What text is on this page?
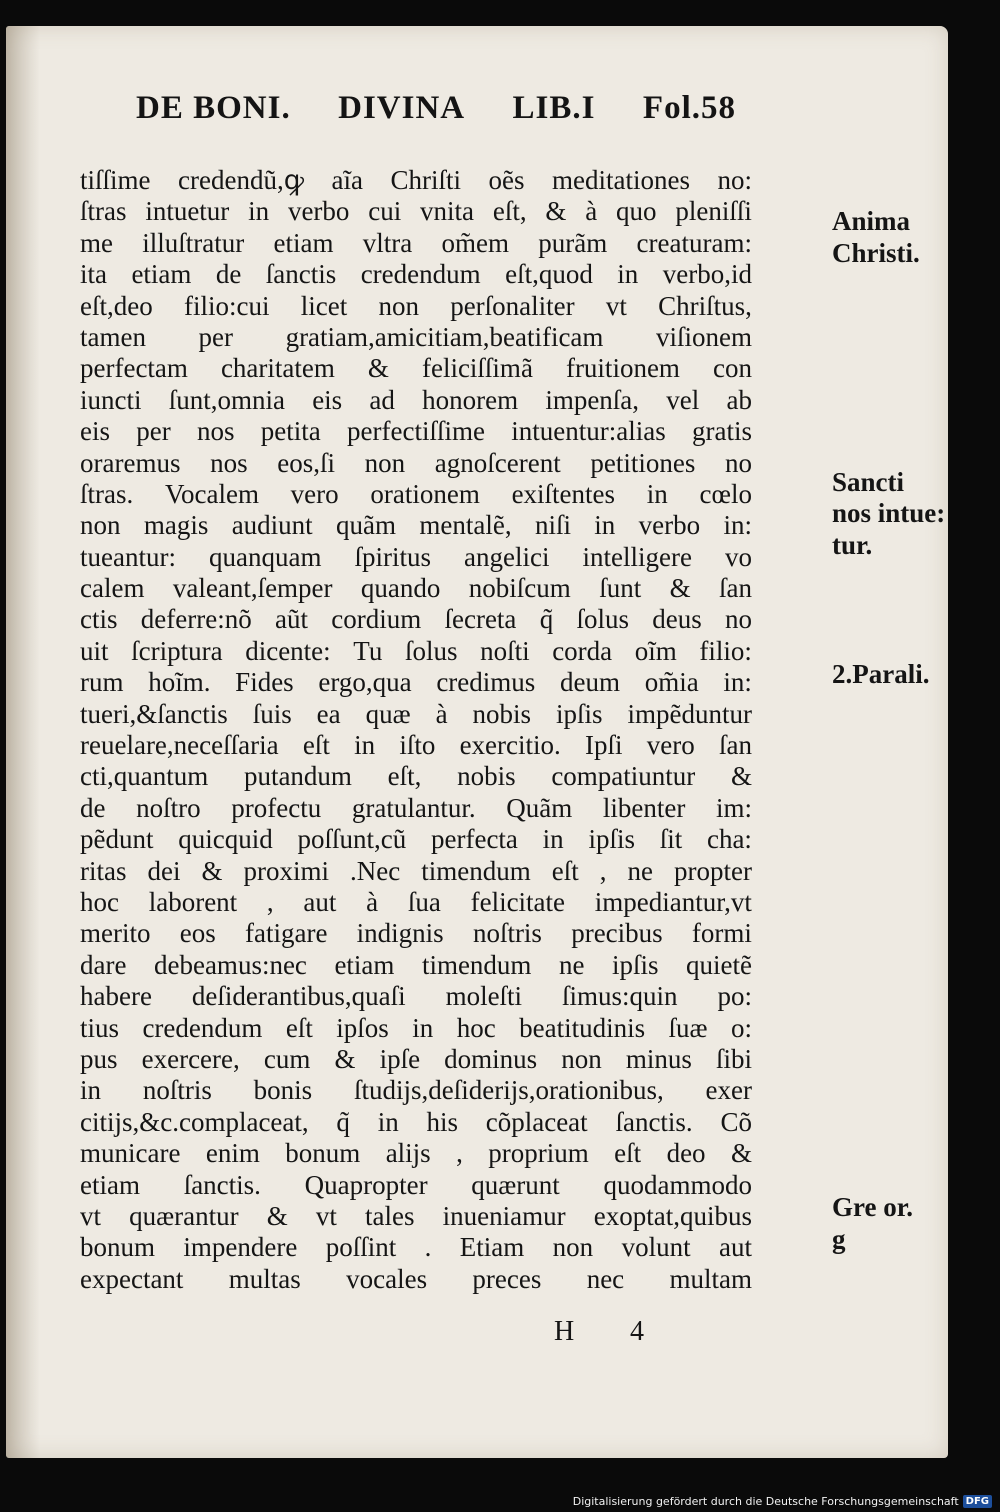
DE BONI. DIVINA LIB.I Fol.58
tiſſime credendũ,ꝙ aĩa Chriſti oẽs meditationes no:
ſtras intuetur in verbo cui vnita eſt, & à quo pleniſſi
me illuſtratur etiam vltra om̃em purãm creaturam:
ita etiam de ſanctis credendum eſt,quod in verbo,id
eſt,deo filio:cui licet non perſonaliter vt Chriſtus,
tamen per gratiam,amicitiam,beatificam viſionem
perfectam charitatem & feliciſſimã fruitionem con
iuncti ſunt,omnia eis ad honorem impenſa, vel ab
eis per nos petita perfectiſſime intuentur:alias gratis
oraremus nos eos,ſi non agnoſcerent petitiones no
ſtras. Vocalem vero orationem exiſtentes in cœlo
non magis audiunt quãm mentalẽ, niſi in verbo in:
tueantur: quanquam ſpiritus angelici intelligere vo
calem valeant,ſemper quando nobiſcum ſunt & ſan
ctis deferre:nõ aũt cordium ſecreta q̃ ſolus deus no
uit ſcriptura dicente: Tu ſolus noſti corda oĩm filio:
rum hoĩm. Fides ergo,qua credimus deum om̃ia in:
tueri,&ſanctis ſuis ea quæ à nobis ipſis impẽduntur
reuelare,neceſſaria eſt in iſto exercitio. Ipſi vero ſan
cti,quantum putandum eſt, nobis compatiuntur &
de noſtro profectu gratulantur. Quãm libenter im:
pẽdunt quicquid poſſunt,cũ perfecta in ipſis ſit cha:
ritas dei & proximi .Nec timendum eſt , ne propter
hoc laborent , aut à ſua felicitate impediantur,vt
merito eos fatigare indignis noſtris precibus formi
dare debeamus:nec etiam timendum ne ipſis quietẽ
habere deſiderantibus,quaſi moleſti ſimus:quin po:
tius credendum eſt ipſos in hoc beatitudinis ſuæ o:
pus exercere, cum & ipſe dominus non minus ſibi
in noſtris bonis ſtudijs,deſiderijs,orationibus, exer
citijs,&c.complaceat, q̃ in his cõplaceat ſanctis. Cõ
municare enim bonum alijs , proprium eſt deo &
etiam ſanctis. Quapropter quærunt quodammodo
vt quærantur & vt tales inueniamur exoptat,quibus
bonum impendere poſſint . Etiam non volunt aut
expectant multas vocales preces nec multam
Anima
Christi.
Sancti
nos intue:
tur.
2.Parali.
Gre or.
g
H 4
Digitalisierung gefördert durch die Deutsche Forschungsgemeinschaft DFG
